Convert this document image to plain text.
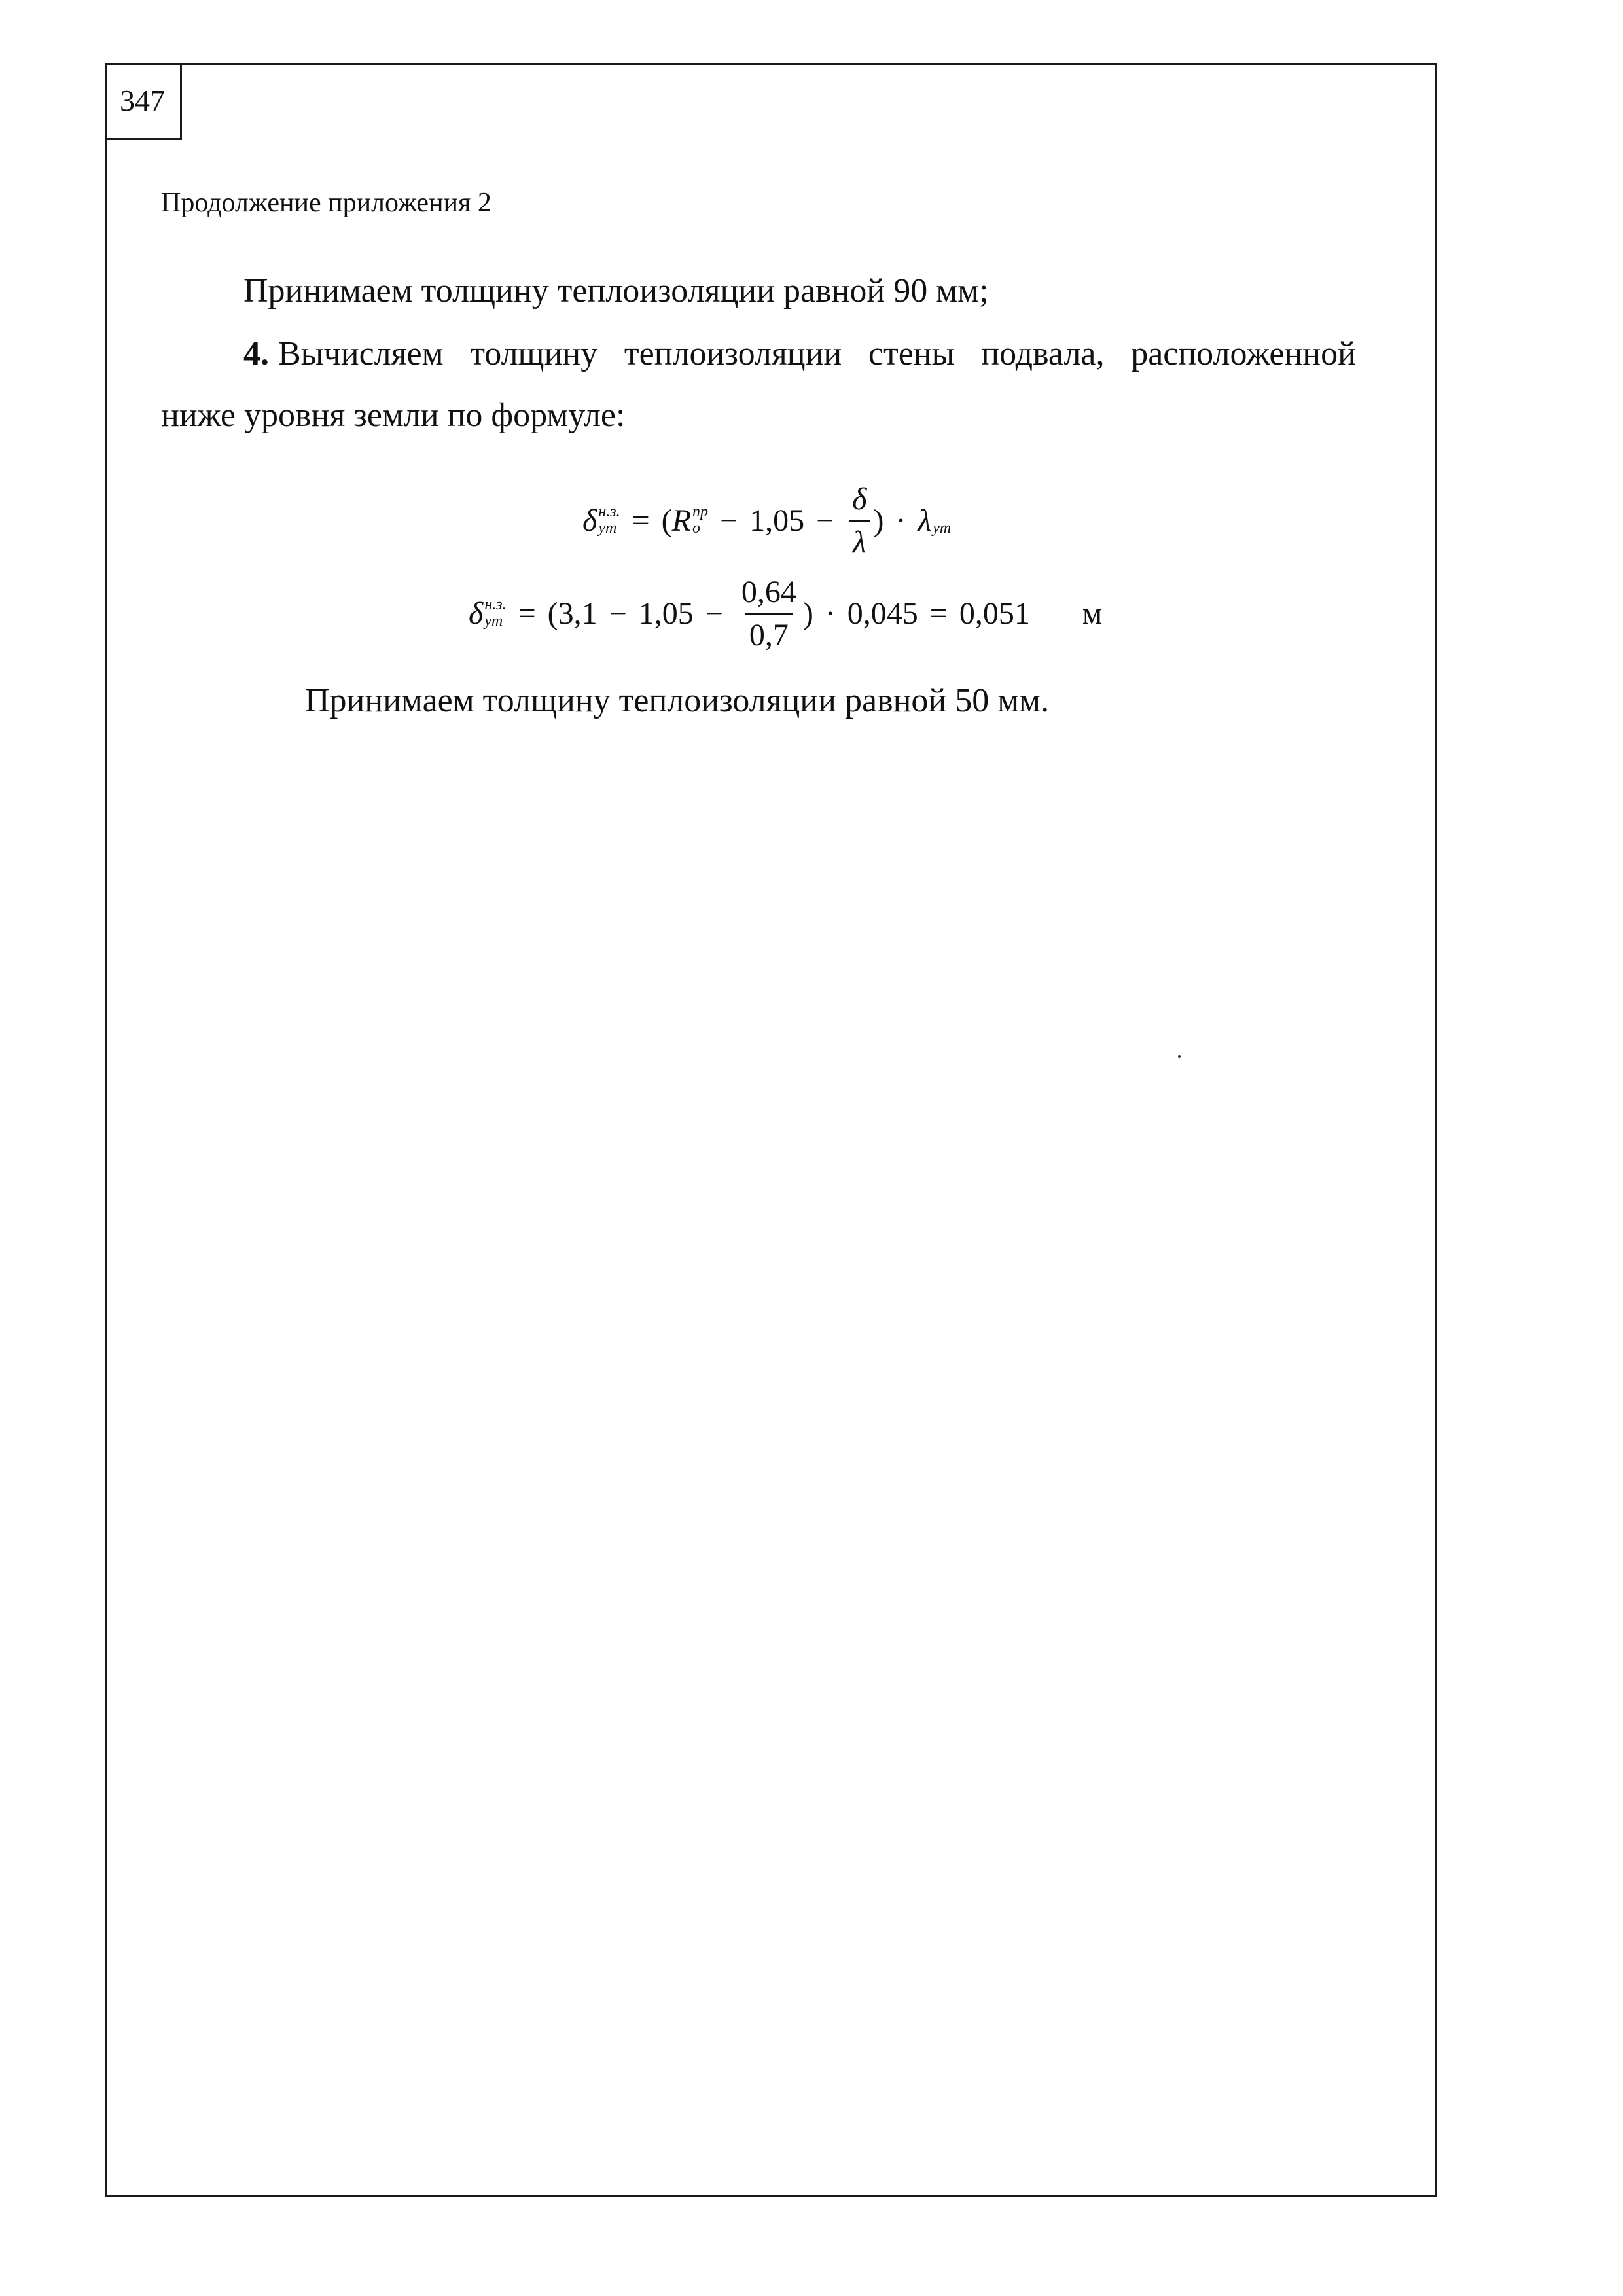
347
Продолжение приложения 2
Принимаем толщину теплоизоляции равной 90 мм;
4. Вычисляем толщину теплоизоляции стены подвала, расположенной
ниже уровня земли по формуле:
δ н.з.
ут = ( R пр
$о - 1,05 - \frac{\delta}{\lambda}$ ) · λ
ут
δ н.з.
ут = ($3,1 - 1,05 - \frac{0,64}{0,7}$ ) · 0,045 = 0,051 м
Принимаем толщину теплоизоляции равной 50 мм.
